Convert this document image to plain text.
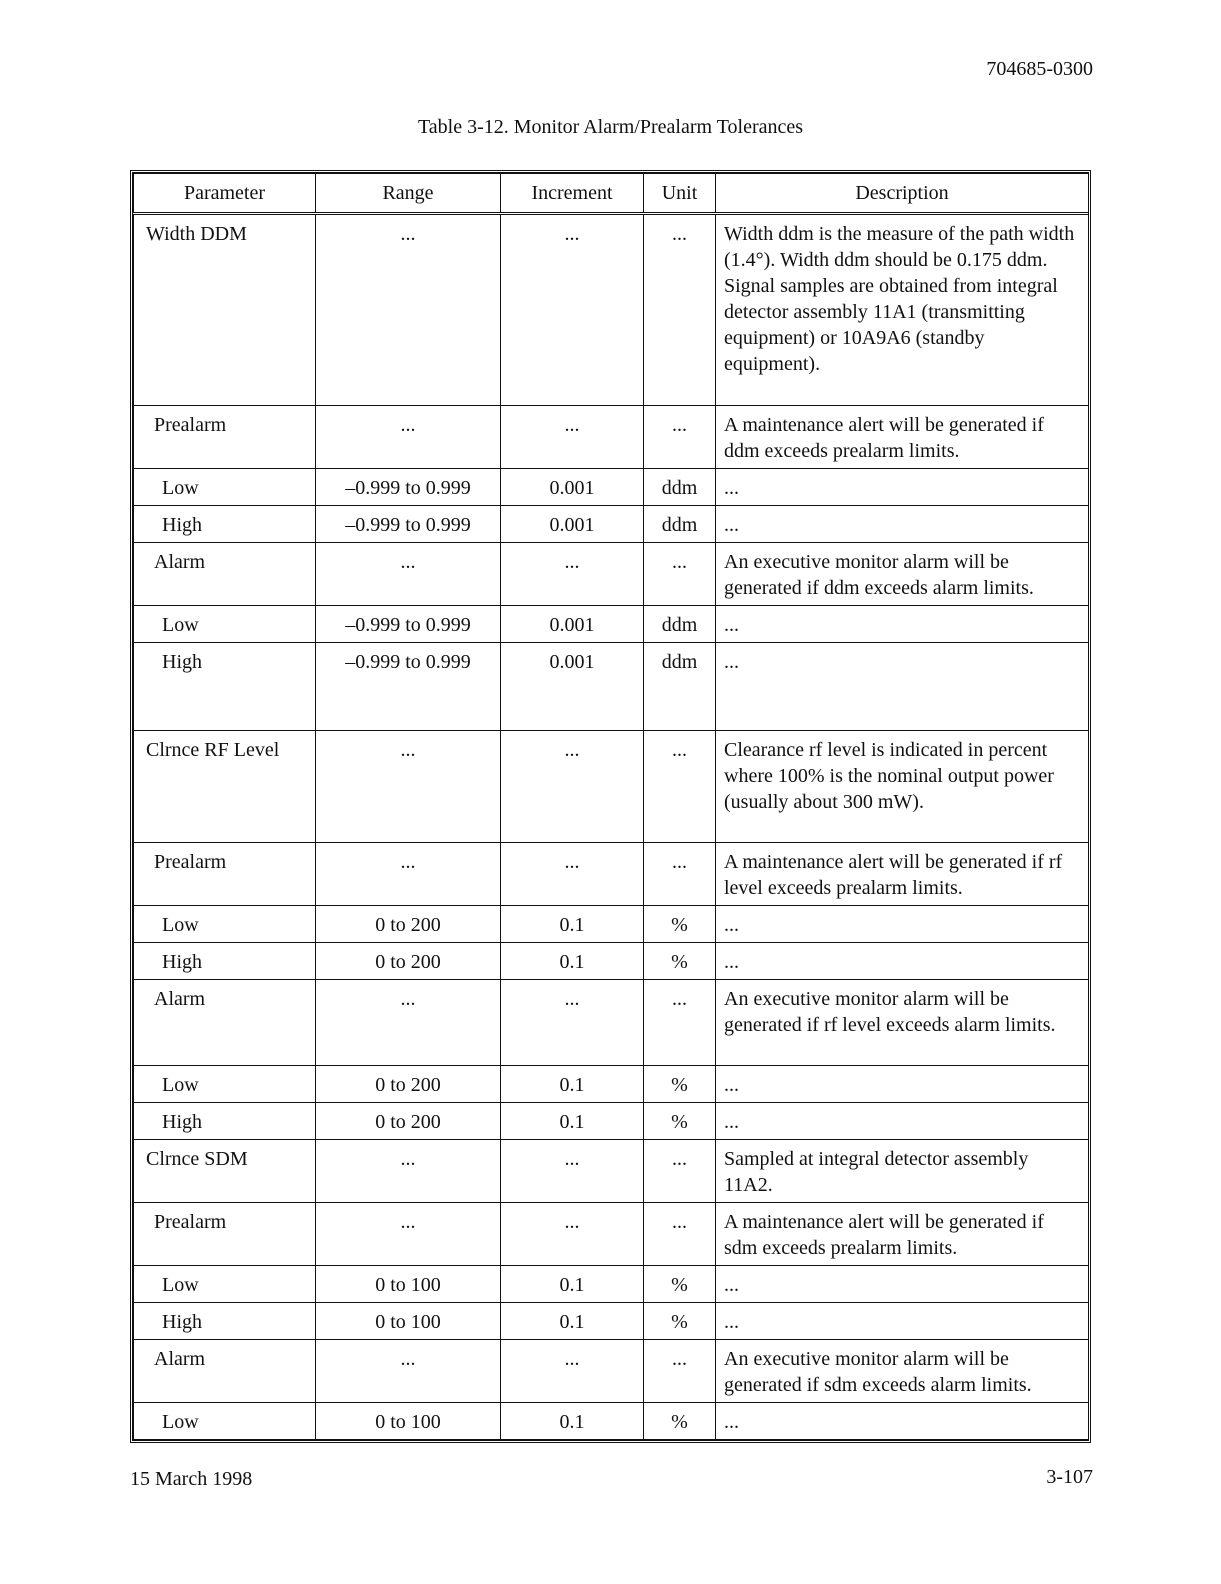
704685-0300
Table 3-12. Monitor Alarm/Prealarm Tolerances
Parameter	Range	Increment	Unit	Description
Width DDM	...	...	...	Width ddm is the measure of the path width (1.4°). Width ddm should be 0.175 ddm. Signal samples are obtained from integral detector assembly 11A1 (transmitting equipment) or 10A9A6 (standby equipment).
Prealarm	...	...	...	A maintenance alert will be generated if ddm exceeds prealarm limits.
Low	–0.999 to 0.999	0.001	ddm	...
High	–0.999 to 0.999	0.001	ddm	...
Alarm	...	...	...	An executive monitor alarm will be generated if ddm exceeds alarm limits.
Low	–0.999 to 0.999	0.001	ddm	...
High	–0.999 to 0.999	0.001	ddm	...
Clrnce RF Level	...	...	...	Clearance rf level is indicated in percent where 100% is the nominal output power (usually about 300 mW).
Prealarm	...	...	...	A maintenance alert will be generated if rf level exceeds prealarm limits.
Low	0 to 200	0.1	%	...
High	0 to 200	0.1	%	...
Alarm	...	...	...	An executive monitor alarm will be generated if rf level exceeds alarm limits.
Low	0 to 200	0.1	%	...
High	0 to 200	0.1	%	...
Clrnce SDM	...	...	...	Sampled at integral detector assembly 11A2.
Prealarm	...	...	...	A maintenance alert will be generated if sdm exceeds prealarm limits.
Low	0 to 100	0.1	%	...
High	0 to 100	0.1	%	...
Alarm	...	...	...	An executive monitor alarm will be generated if sdm exceeds alarm limits.
Low	0 to 100	0.1	%	...
15 March 1998	3-107
